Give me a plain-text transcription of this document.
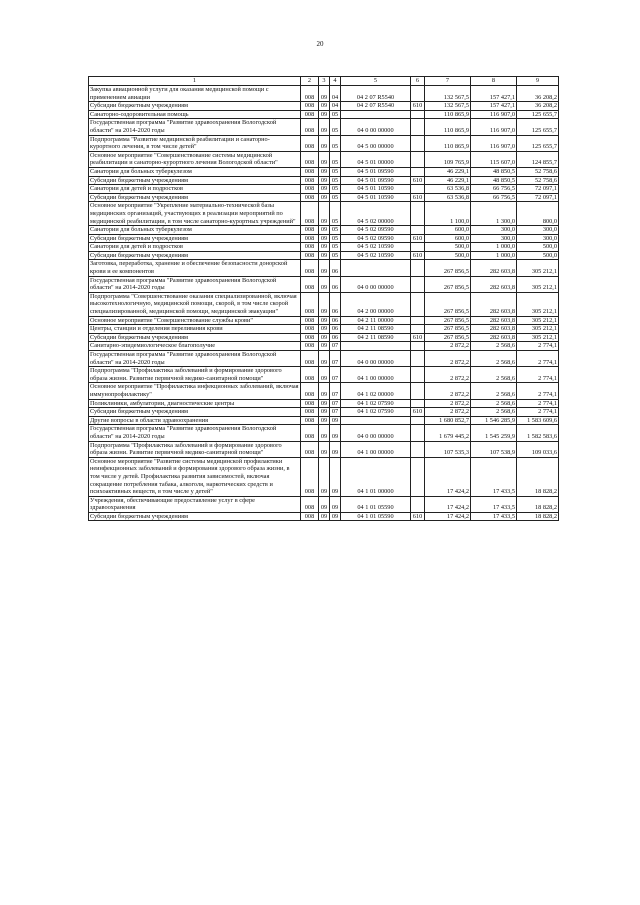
20
1	2	3	4	5	6	7	8	9
Закупка авиационной услуги для оказания медицинской помощи с применением авиации	008	09	04	04 2 07 R5540		132 567,5	157 427,1	36 208,2
Субсидии бюджетным учреждениям	008	09	04	04 2 07 R5540	610	132 567,5	157 427,1	36 208,2
Санаторно-оздоровительная помощь	008	09	05			110 865,9	116 907,0	125 655,7
Государственная программа "Развитие здравоохранения Вологодской области" на 2014-2020 годы	008	09	05	04 0 00 00000		110 865,9	116 907,0	125 655,7
Подпрограмма "Развитие медицинской реабилитации и санаторно-курортного лечения, в том числе детей"	008	09	05	04 5 00 00000		110 865,9	116 907,0	125 655,7
Основное мероприятие "Совершенствование системы медицинской реабилитации и санаторно-курортного лечения Вологодской области"	008	09	05	04 5 01 00000		109 765,9	115 607,0	124 855,7
Санатории для больных туберкулезом	008	09	05	04 5 01 09590		46 229,1	48 850,5	52 758,6
Субсидии бюджетным учреждениям	008	09	05	04 5 01 09590	610	46 229,1	48 850,5	52 758,6
Санатории для детей и подростков	008	09	05	04 5 01 10590		63 536,8	66 756,5	72 097,1
Субсидии бюджетным учреждениям	008	09	05	04 5 01 10590	610	63 536,8	66 756,5	72 097,1
Основное мероприятие "Укрепление материально-технической базы медицинских организаций, участвующих в реализации мероприятий по медицинской реабилитации, в том числе санаторно-курортных учреждений"	008	09	05	04 5 02 00000		1 100,0	1 300,0	800,0
Санатории для больных туберкулезом	008	09	05	04 5 02 09590		600,0	300,0	300,0
Субсидии бюджетным учреждениям	008	09	05	04 5 02 09590	610	600,0	300,0	300,0
Санатории для детей и подростков	008	09	05	04 5 02 10590		500,0	1 000,0	500,0
Субсидии бюджетным учреждениям	008	09	05	04 5 02 10590	610	500,0	1 000,0	500,0
Заготовка, переработка, хранение и обеспечение безопасности донорской крови и ее компонентов	008	09	06			267 856,5	282 603,8	305 212,1
Государственная программа "Развитие здравоохранения Вологодской области" на 2014-2020 годы	008	09	06	04 0 00 00000		267 856,5	282 603,8	305 212,1
Подпрограмма "Совершенствование оказания специализированной, включая высокотехнологичную, медицинской помощи, скорой, в том числе скорой специализированной, медицинской помощи, медицинской эвакуации"	008	09	06	04 2 00 00000		267 856,5	282 603,8	305 212,1
Основное мероприятие "Совершенствование службы крови"	008	09	06	04 2 11 00000		267 856,5	282 603,8	305 212,1
Центры, станции и отделения переливания крови	008	09	06	04 2 11 08590		267 856,5	282 603,8	305 212,1
Субсидии бюджетным учреждениям	008	09	06	04 2 11 08590	610	267 856,5	282 603,8	305 212,1
Санитарно-эпидемиологическое благополучие	008	09	07			2 872,2	2 568,6	2 774,1
Государственная программа "Развитие здравоохранения Вологодской области" на 2014-2020 годы	008	09	07	04 0 00 00000		2 872,2	2 568,6	2 774,1
Подпрограмма "Профилактика заболеваний и формирование здорового образа жизни. Развитие первичной медико-санитарной помощи"	008	09	07	04 1 00 00000		2 872,2	2 568,6	2 774,1
Основное мероприятие "Профилактика инфекционных заболеваний, включая иммунопрофилактику"	008	09	07	04 1 02 00000		2 872,2	2 568,6	2 774,1
Поликлиники, амбулатории, диагностические центры	008	09	07	04 1 02 07590		2 872,2	2 568,6	2 774,1
Субсидии бюджетным учреждениям	008	09	07	04 1 02 07590	610	2 872,2	2 568,6	2 774,1
Другие вопросы в области здравоохранения	008	09	09			1 680 852,7	1 546 285,9	1 583 609,6
Государственная программа "Развитие здравоохранения Вологодской области" на 2014-2020 годы	008	09	09	04 0 00 00000		1 679 445,2	1 545 259,9	1 582 583,6
Подпрограмма "Профилактика заболеваний и формирование здорового образа жизни. Развитие первичной медико-санитарной помощи"	008	09	09	04 1 00 00000		107 535,3	107 538,9	109 033,6
Основное мероприятие "Развитие системы медицинской профилактики неинфекционных заболеваний и формирования здорового образа жизни, в том числе у детей. Профилактика развития зависимостей, включая сокращение потребления табака, алкоголя, наркотических средств и психоактивных веществ, в том числе у детей"	008	09	09	04 1 01 00000		17 424,2	17 433,5	18 828,2
Учреждения, обеспечивающие предоставление услуг в сфере здравоохранения	008	09	09	04 1 01 05590		17 424,2	17 433,5	18 828,2
Субсидии бюджетным учреждениям	008	09	09	04 1 01 05590	610	17 424,2	17 433,5	18 828,2
